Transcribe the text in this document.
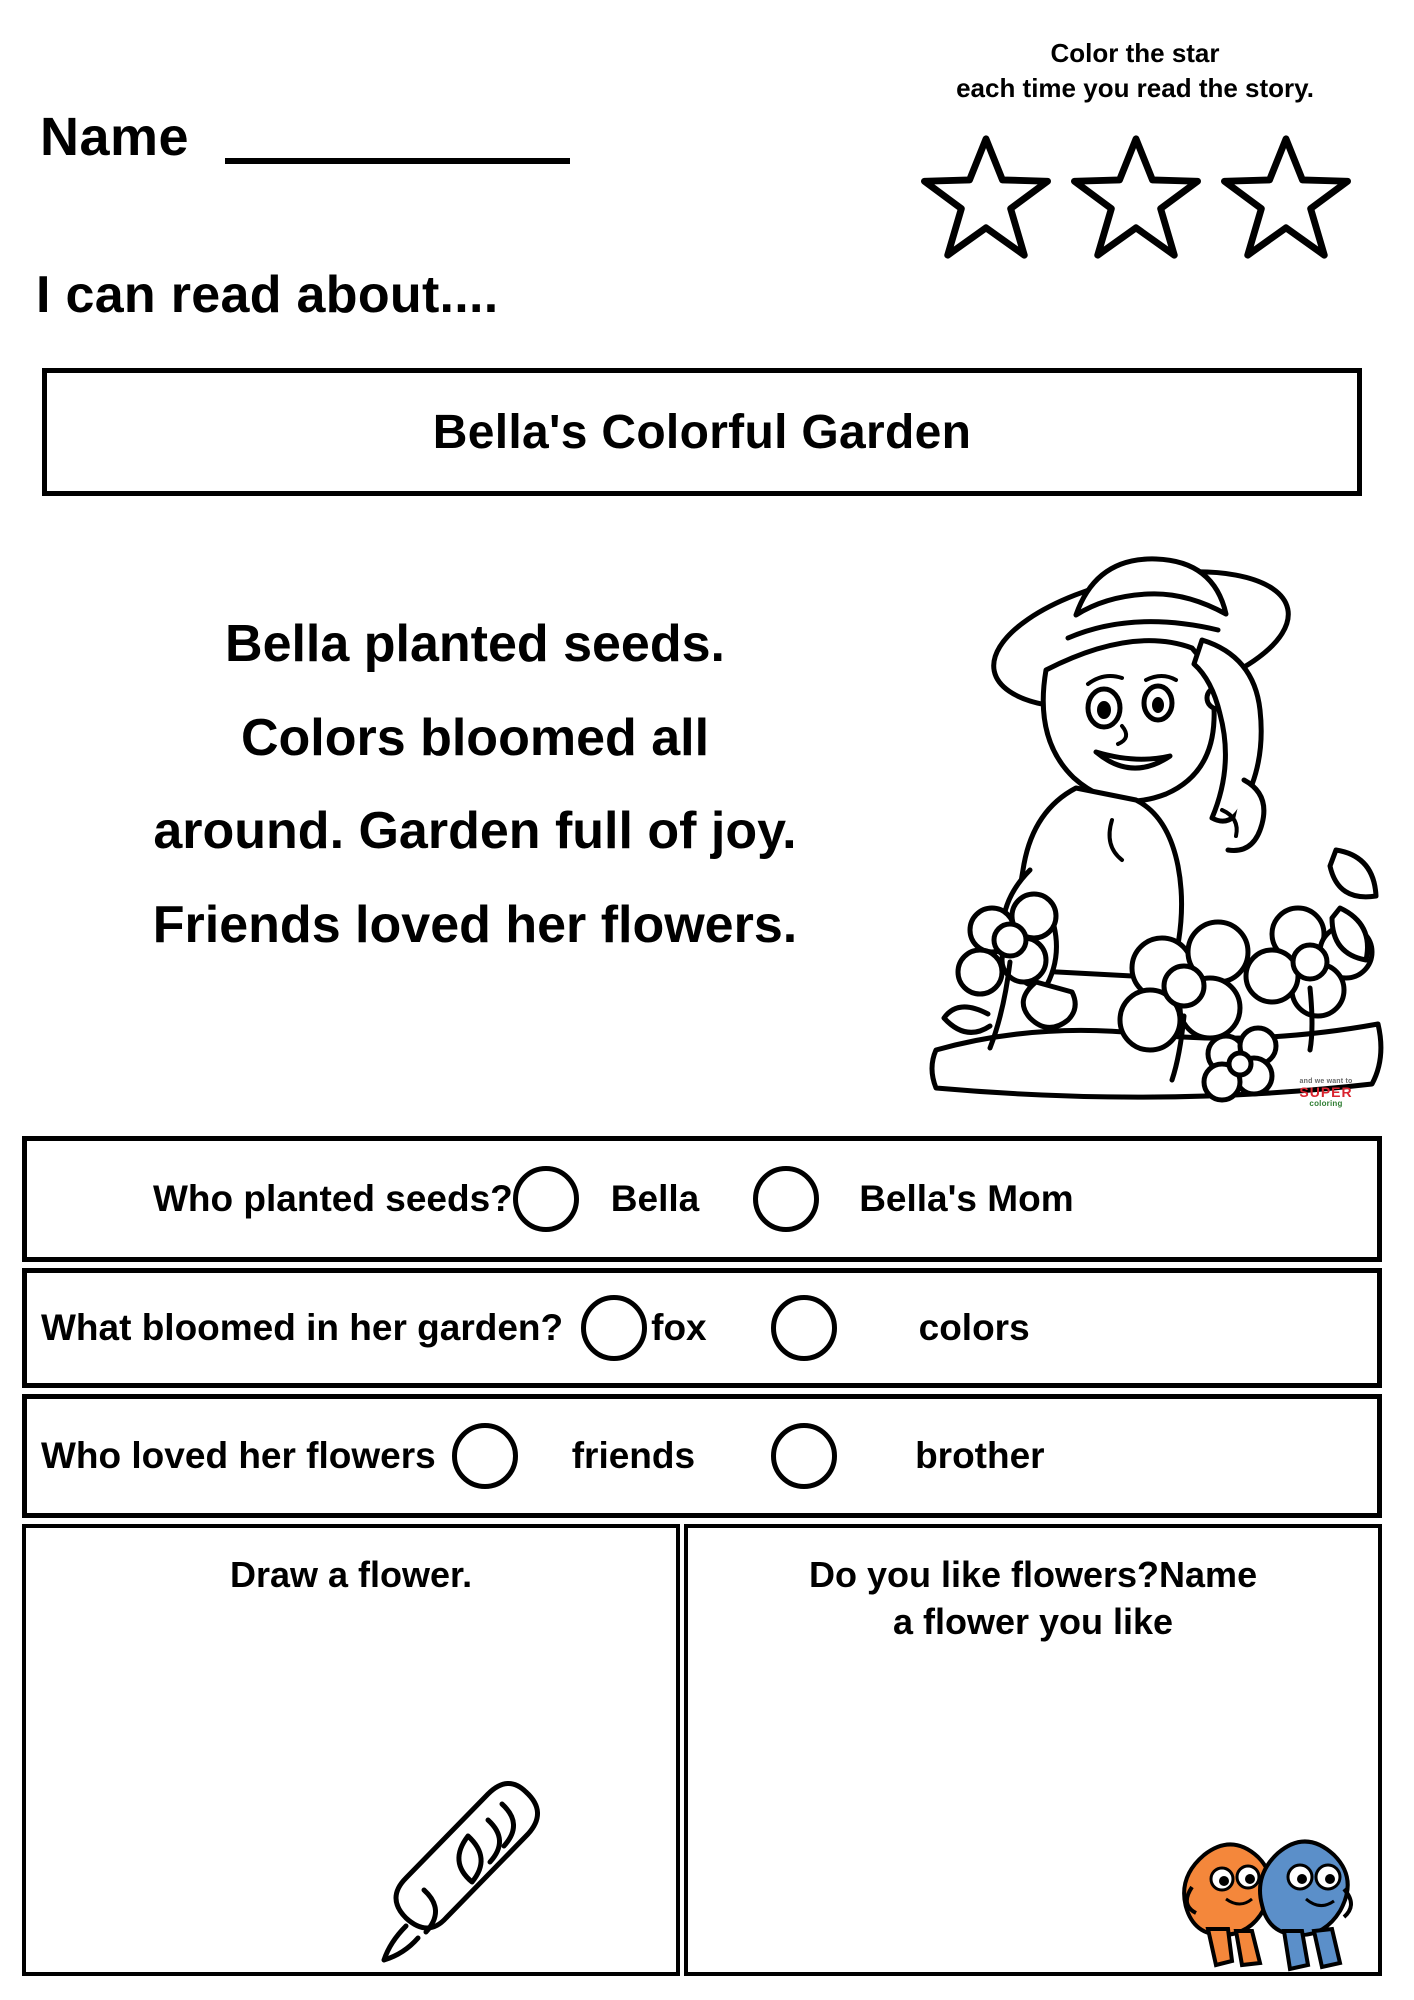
Name
I can read about....
Color the star
each time you read the story.
Bella's Colorful Garden
Bella planted seeds.
Colors bloomed all
around. Garden full of joy.
Friends loved her flowers.
and we want to
SUPER
coloring
Who planted seeds?	Bella	Bella's Mom
What bloomed in her garden? fox	colors
Who loved her flowers	friends	brother
Draw a flower.	Do you like flowers?Name
a flower you like
